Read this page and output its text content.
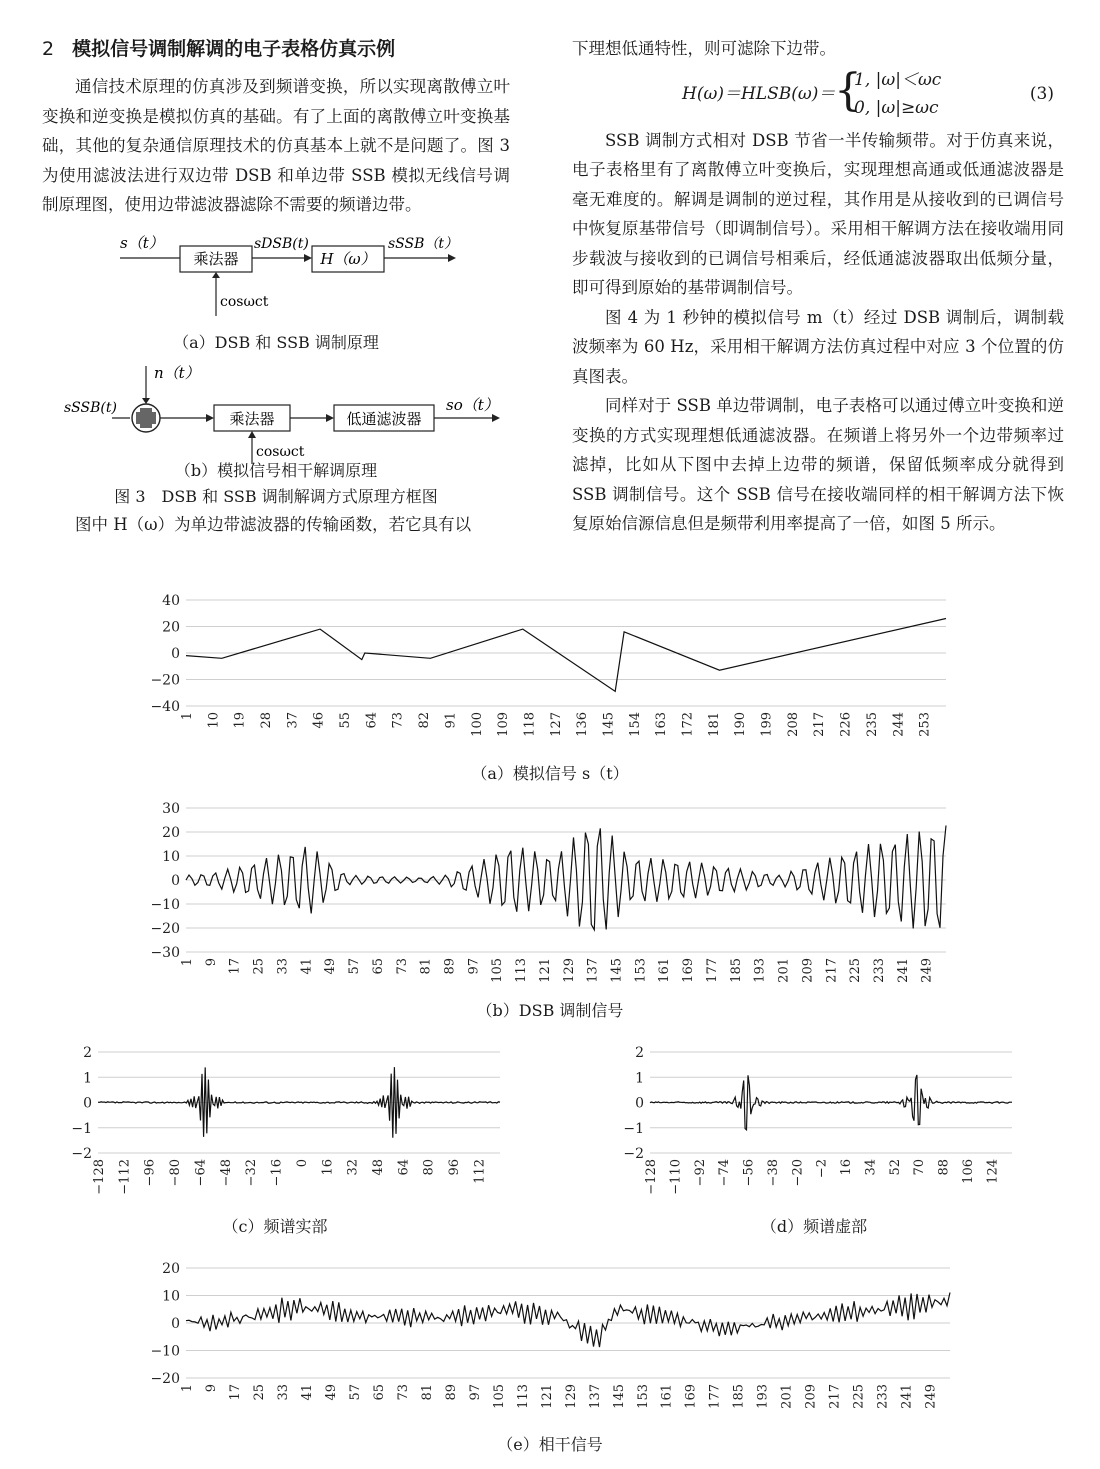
2 模拟信号调制解调的电子表格仿真示例

通信技术原理的仿真涉及到频谱变换，所以实现离散傅立叶变换和逆变换是模拟仿真的基础。有了上面的离散傅立叶变换基础，其他的复杂通信原理技术的仿真基本上就不是问题了。图 3 为使用滤波法进行双边带 DSB 和单边带 SSB 模拟无线信号调制原理图，使用边带滤波器滤除不需要的频谱边带。

s（t）
乘法器
sDSB(t)
H（ω）
sSSB（t）
cosωct
（a）DSB 和 SSB 调制原理
n（t）
sSSB(t)
乘法器	低通滤波器
so（t）
cosωct
（b）模拟信号相干解调原理
图 3　DSB 和 SSB 调制解调方式原理方框图

图中 H（ω）为单边带滤波器的传输函数，若它具有以

下理想低通特性，则可滤除下边带。

H(ω)＝HLSB(ω)＝
{
1, |ω|＜ωc
0, |ω|≥ωc
(3)

SSB 调制方式相对 DSB 节省一半传输频带。对于仿真来说，电子表格里有了离散傅立叶变换后，实现理想高通或低通滤波器是毫无难度的。解调是调制的逆过程，其作用是从接收到的已调信号中恢复原基带信号（即调制信号）。采用相干解调方法在接收端用同步载波与接收到的已调信号相乘后，经低通滤波器取出低频分量，即可得到原始的基带调制信号。

图 4 为 1 秒钟的模拟信号 m（t）经过 DSB 调制后，调制载波频率为 60 Hz，采用相干解调方法仿真过程中对应 3 个位置的仿真图表。

同样对于 SSB 单边带调制，电子表格可以通过傅立叶变换和逆变换的方式实现理想低通滤波器。在频谱上将另外一个边带频率过滤掉，比如从下图中去掉上边带的频谱，保留低频率成分就得到 SSB 调制信号。这个 SSB 信号在接收端同样的相干解调方法下恢复原始信源信息但是频带利用率提高了一倍，如图 5 所示。

40
20
0
−20
−40
1 10 19 28 37 46 55 64 73 82 91 100 109 118 127 136 145 154 163 172 181 190 199 208 217 226 235 244 253
30
20
10
0
−10
−20
−30
1 9 17 25 33 41 49 57 65 73 81 89 97 105 113 121 129 137 145 153 161 169 177 185 193 201 209 217 225 233 241 249
2
1
0
−1
−2
−128 −112 −96 −80 −64 −48 −32 −16 0 16 32 48 64 80 96 112
2
1
0
−1
−2
−128 −110 −92 −74 −56 −38 −20 −2 16 34 52 70 88 106 124
20
10
0
−10
−20
1 9 17 25 33 41 49 57 65 73 81 89 97 105 113 121 129 137 145 153 161 169 177 185 193 201 209 217 225 233 241 249
（a）模拟信号 s（t）
（b）DSB 调制信号
（c）频谱实部	（d）频谱虚部
（e）相干信号
